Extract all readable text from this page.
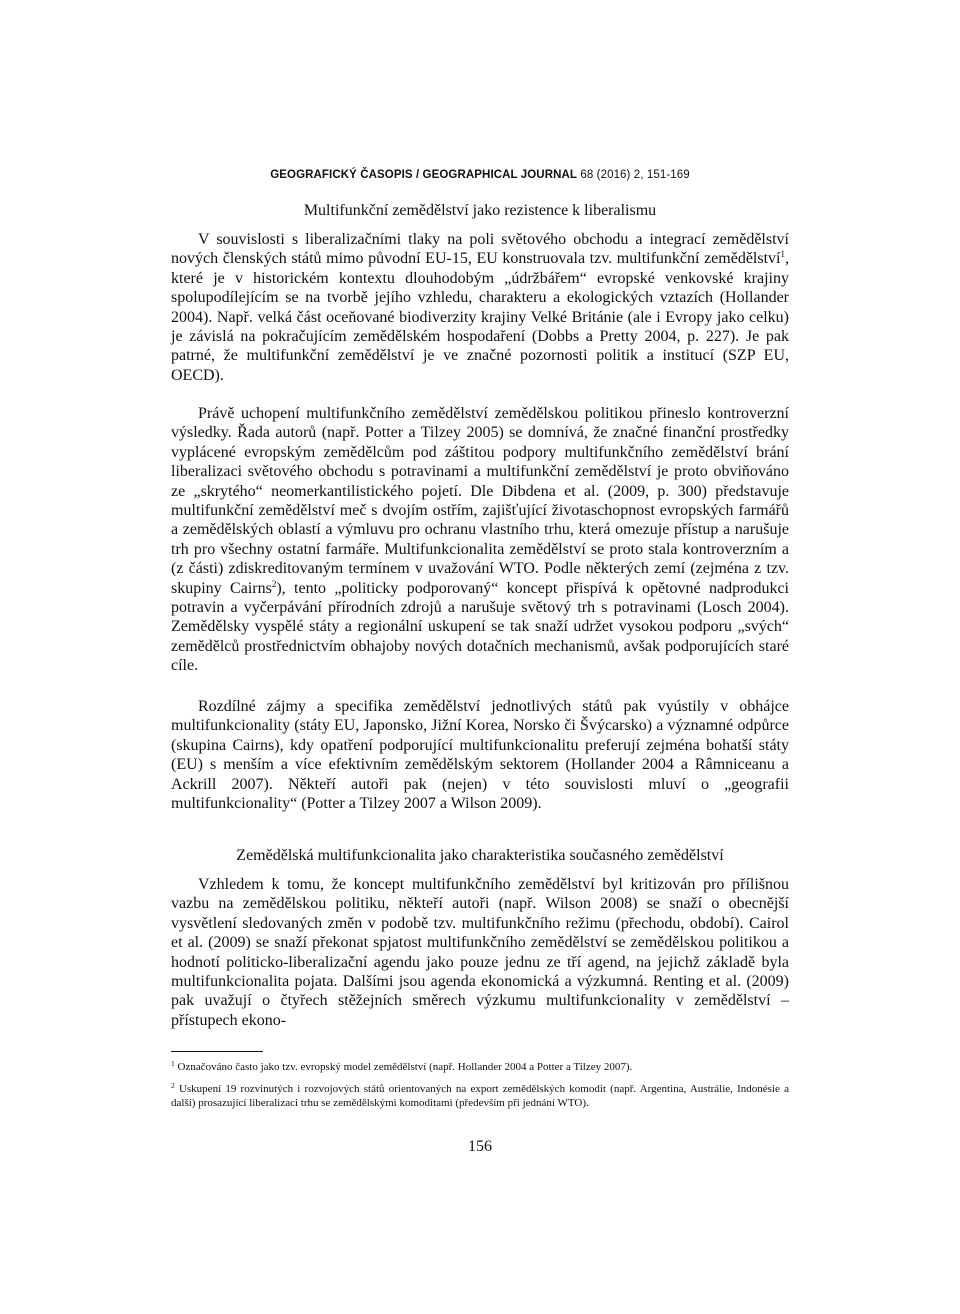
GEOGRAFICKÝ ČASOPIS / GEOGRAPHICAL JOURNAL 68 (2016) 2, 151-169
Multifunkční zemědělství jako rezistence k liberalismu

V souvislosti s liberalizačními tlaky na poli světového obchodu a integrací zemědělství nových členských států mimo původní EU-15, EU konstruovala tzv. multifunkční zemědělství$^1$, které je v historickém kontextu dlouhodobým „údržbářem“ evropské venkovské krajiny spolupodílejícím se na tvorbě jejího vzhledu, charakteru a ekologických vztazích (Hollander 2004). Např. velká část oceňované biodiverzity krajiny Velké Británie (ale i Evropy jako celku) je závislá na pokračujícím zemědělském hospodaření (Dobbs a Pretty 2004, p. 227). Je pak patrné, že multifunkční zemědělství je ve značné pozornosti politik a institucí (SZP EU, OECD).

Právě uchopení multifunkčního zemědělství zemědělskou politikou přineslo kontroverzní výsledky. Řada autorů (např. Potter a Tilzey 2005) se domnívá, že značné finanční prostředky vyplácené evropským zemědělcům pod záštitou podpory multifunkčního zemědělství brání liberalizaci světového obchodu s potravinami a multifunkční zemědělství je proto obviňováno ze „skrytého“ neomerkantilistického pojetí. Dle Dibdena et al. (2009, p. 300) představuje multifunkční zemědělství meč s dvojím ostřím, zajišťující životaschopnost evropských farmářů a zemědělských oblastí a výmluvu pro ochranu vlastního trhu, která omezuje přístup a narušuje trh pro všechny ostatní farmáře. Multifunkcionalita zemědělství se proto stala kontroverzním a (z části) zdiskreditovaným termínem v uvažování WTO. Podle některých zemí (zejména z tzv. skupiny Cairns$^2$), tento „politicky podporovaný“ koncept přispívá k opětovné nadprodukci potravin a vyčerpávání přírodních zdrojů a narušuje světový trh s potravinami (Losch 2004). Zemědělsky vyspělé státy a regionální uskupení se tak snaží udržet vysokou podporu „svých“ zemědělců prostřednictvím obhajoby nových dotačních mechanismů, avšak podporujících staré cíle.

Rozdílné zájmy a specifika zemědělství jednotlivých států pak vyústily v obhájce multifunkcionality (státy EU, Japonsko, Jižní Korea, Norsko či Švýcarsko) a významné odpůrce (skupina Cairns), kdy opatření podporující multifunkcionalitu preferují zejména bohatší státy (EU) s menším a více efektivním zemědělským sektorem (Hollander 2004 a Râmniceanu a Ackrill 2007). Někteří autoři pak (nejen) v této souvislosti mluví o „geografii multifunkcionality“ (Potter a Tilzey 2007 a Wilson 2009).

Zemědělská multifunkcionalita jako charakteristika současného zemědělství

Vzhledem k tomu, že koncept multifunkčního zemědělství byl kritizován pro přílišnou vazbu na zemědělskou politiku, někteří autoři (např. Wilson 2008) se snaží o obecnější vysvětlení sledovaných změn v podobě tzv. multifunkčního režimu (přechodu, období). Cairol et al. (2009) se snaží překonat spjatost multifunkčního zemědělství se zemědělskou politikou a hodnotí politicko-liberalizační agendu jako pouze jednu ze tří agend, na jejichž základě byla multifunkcionalita pojata. Dalšími jsou agenda ekonomická a výzkumná. Renting et al. (2009) pak uvažují o čtyřech stěžejních směrech výzkumu multifunkcionality v zemědělství – přístupech ekono-

$^1$ Označováno často jako tzv. evropský model zemědělství (např. Hollander 2004 a Potter a Tilzey 2007).

$^2$ Uskupení 19 rozvinutých i rozvojových států orientovaných na export zemědělských komodit (např. Argentina, Austrálie, Indonésie a další) prosazující liberalizaci trhu se zemědělskými komoditami (především při jednání WTO).

156
